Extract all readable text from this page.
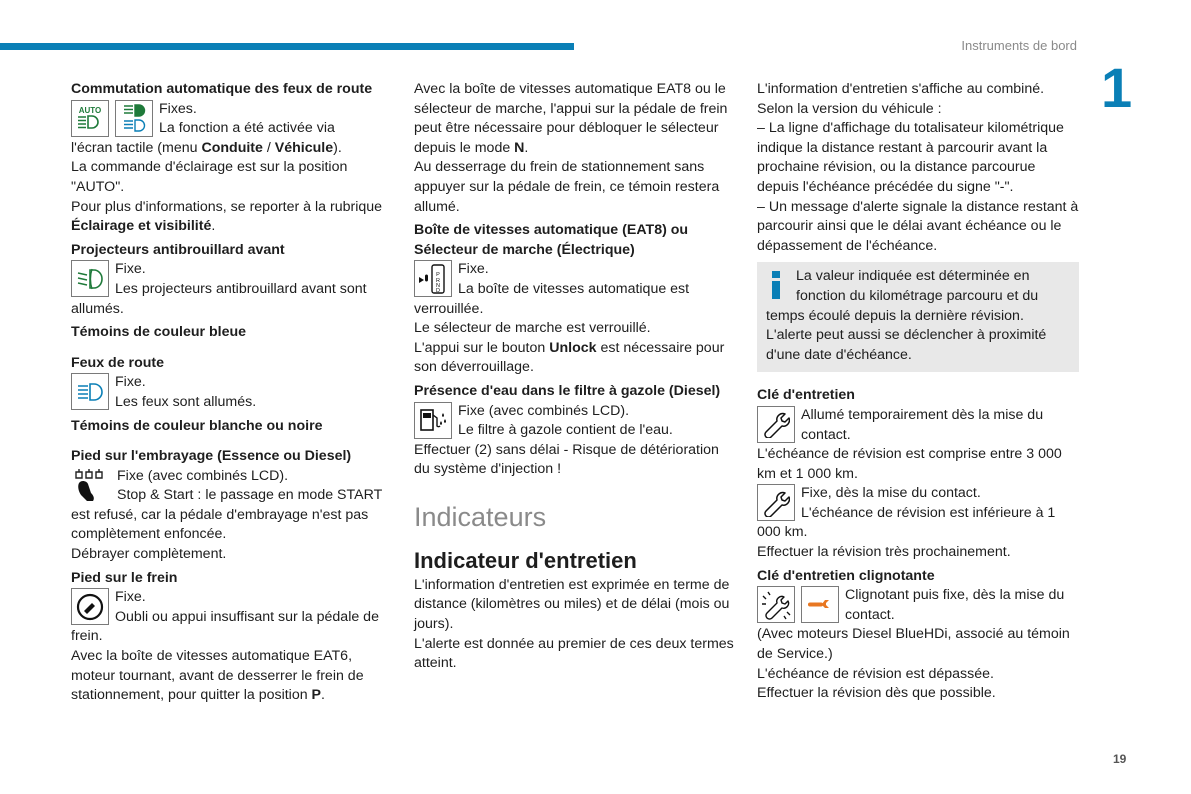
Instruments de bord
1
19

Commutation automatique des feux de route

AUTO	Fixes.

La fonction a été activée via

l'écran tactile (menu Conduite / Véhicule).

La commande d'éclairage est sur la position "AUTO".

Pour plus d'informations, se reporter à la rubrique Éclairage et visibilité.

Projecteurs antibrouillard avant

Fixe.

Les projecteurs antibrouillard avant sont allumés.

Témoins de couleur bleue

Feux de route

Fixe.

Les feux sont allumés.

Témoins de couleur blanche ou noire

Pied sur l'embrayage (Essence ou Diesel)

Fixe (avec combinés LCD).

Stop & Start : le passage en mode START est refusé, car la pédale d'embrayage n'est pas complètement enfoncée.

Débrayer complètement.

Pied sur le frein

Fixe.

Oubli ou appui insuffisant sur la pédale de frein.

Avec la boîte de vitesses automatique EAT6, moteur tournant, avant de desserrer le frein de stationnement, pour quitter la position P.

Avec la boîte de vitesses automatique EAT8 ou le sélecteur de marche, l'appui sur la pédale de frein peut être nécessaire pour débloquer le sélecteur depuis le mode N.

Au desserrage du frein de stationnement sans appuyer sur la pédale de frein, ce témoin restera allumé.

Boîte de vitesses automatique (EAT8) ou Sélecteur de marche (Électrique)

P
R
N
D

Fixe.

La boîte de vitesses automatique est verrouillée.

Le sélecteur de marche est verrouillé.

L'appui sur le bouton Unlock est nécessaire pour son déverrouillage.

Présence d'eau dans le filtre à gazole (Diesel)

Fixe (avec combinés LCD).

Le filtre à gazole contient de l'eau.

Effectuer (2) sans délai - Risque de détérioration du système d'injection !

Indicateurs
Indicateur d'entretien

L'information d'entretien est exprimée en terme de distance (kilomètres ou miles) et de délai (mois ou jours).

L'alerte est donnée au premier de ces deux termes atteint.

L'information d'entretien s'affiche au combiné.

Selon la version du véhicule :

– La ligne d'affichage du totalisateur kilométrique indique la distance restant à parcourir avant la prochaine révision, ou la distance parcourue depuis l'échéance précédée du signe "-".

– Un message d'alerte signale la distance restant à parcourir ainsi que le délai avant échéance ou le dépassement de l'échéance.

La valeur indiquée est déterminée en fonction du kilométrage parcouru et du temps écoulé depuis la dernière révision. L'alerte peut aussi se déclencher à proximité d'une date d'échéance.

Clé d'entretien

Allumé temporairement dès la mise du contact.

L'échéance de révision est comprise entre 3 000 km et 1 000 km.

Fixe, dès la mise du contact.

L'échéance de révision est inférieure à 1 000 km.

Effectuer la révision très prochainement.

Clé d'entretien clignotante

Clignotant puis fixe, dès la mise du contact.

(Avec moteurs Diesel BlueHDi, associé au témoin de Service.)

L'échéance de révision est dépassée.

Effectuer la révision dès que possible.
